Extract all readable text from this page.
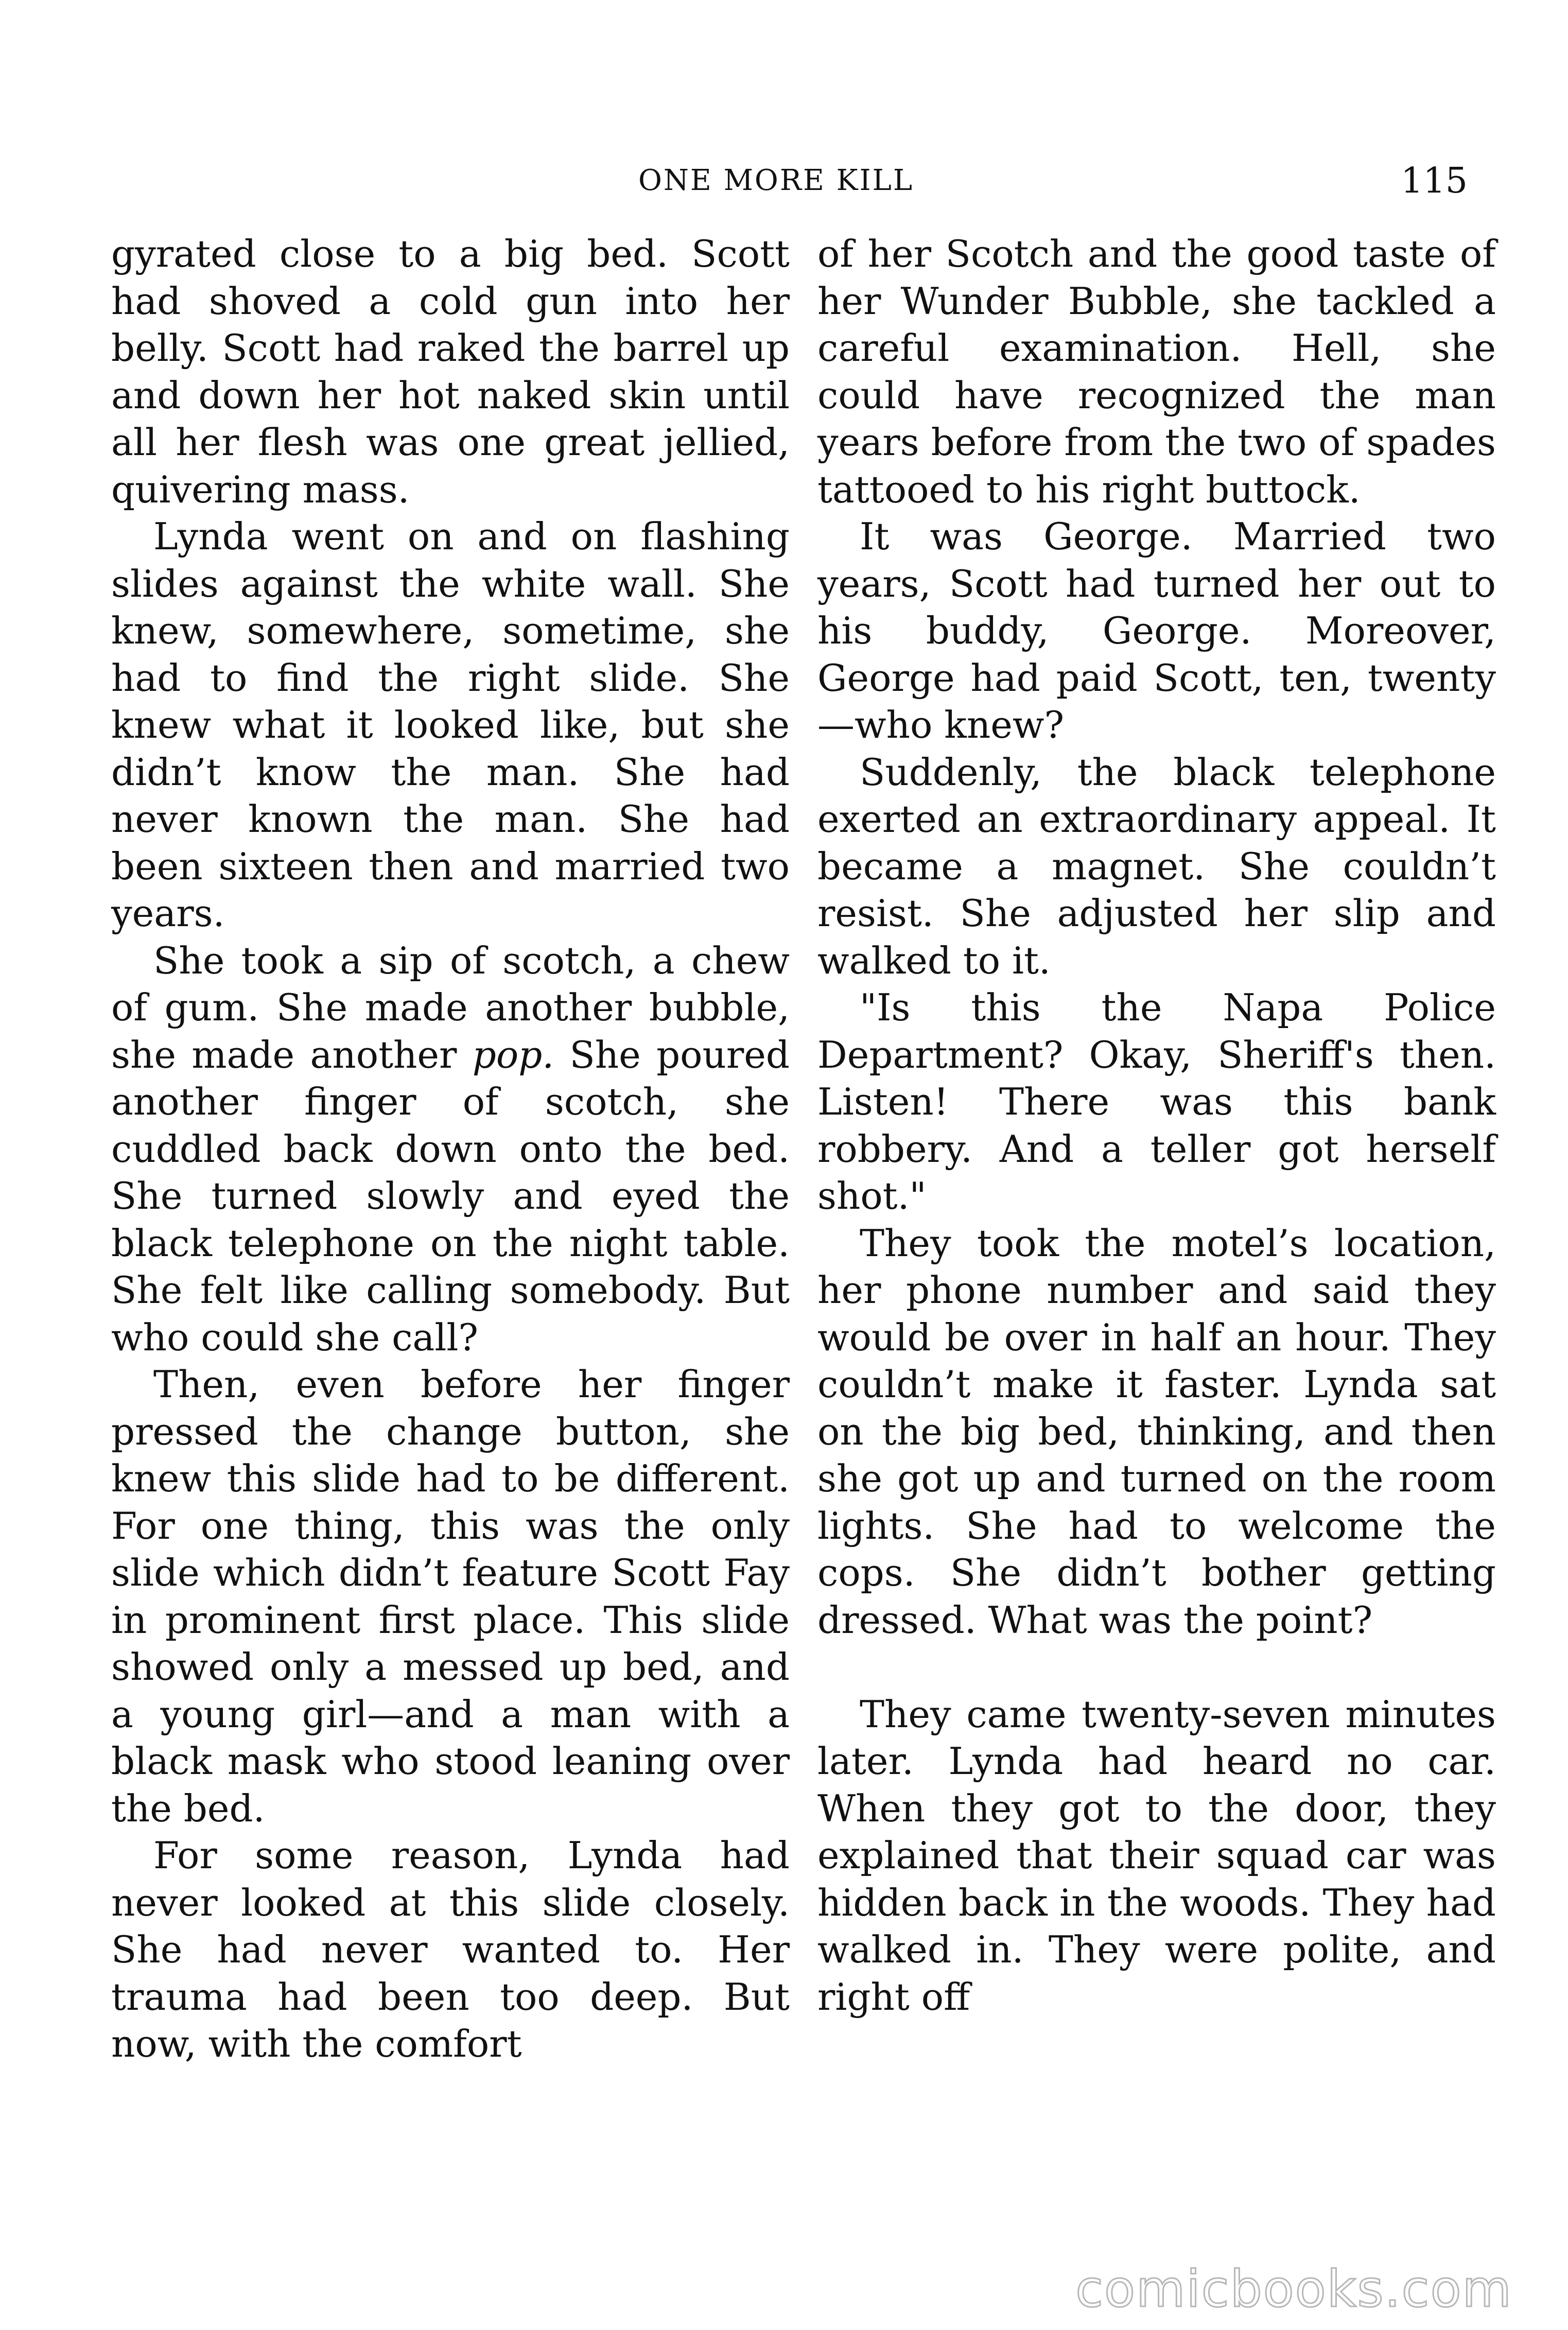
ONE MORE KILL	115

gyrated close to a big bed. Scott had shoved a cold gun into her belly. Scott had raked the barrel up and down her hot naked skin until all her flesh was one great jellied, quivering mass.

Lynda went on and on flashing slides against the white wall. She knew, somewhere, sometime, she had to find the right slide. She knew what it looked like, but she didn’t know the man. She had never known the man. She had been sixteen then and married two years.

She took a sip of scotch, a chew of gum. She made another bubble, she made another pop. She poured another finger of scotch, she cuddled back down onto the bed. She turned slowly and eyed the black telephone on the night table. She felt like calling somebody. But who could she call?

Then, even before her finger pressed the change button, she knew this slide had to be different. For one thing, this was the only slide which didn’t feature Scott Fay in prominent first place. This slide showed only a messed up bed, and a young girl—and a man with a black mask who stood leaning over the bed.

For some reason, Lynda had never looked at this slide closely. She had never wanted to. Her trauma had been too deep. But now, with the comfort

of her Scotch and the good taste of her Wunder Bubble, she tackled a careful examination. Hell, she could have recognized the man years before from the two of spades tattooed to his right buttock.

It was George. Married two years, Scott had turned her out to his buddy, George. Moreover, George had paid Scott, ten, twenty—who knew?

Suddenly, the black telephone exerted an extraordinary appeal. It became a magnet. She couldn’t resist. She adjusted her slip and walked to it.

"Is this the Napa Police Department? Okay, Sheriff's then. Listen! There was this bank robbery. And a teller got herself shot."

They took the motel’s location, her phone number and said they would be over in half an hour. They couldn’t make it faster. Lynda sat on the big bed, thinking, and then she got up and turned on the room lights. She had to welcome the cops. She didn’t bother getting dressed. What was the point?

They came twenty-seven minutes later. Lynda had heard no car. When they got to the door, they explained that their squad car was hidden back in the woods. They had walked in. They were polite, and right off

comicbooks.com
